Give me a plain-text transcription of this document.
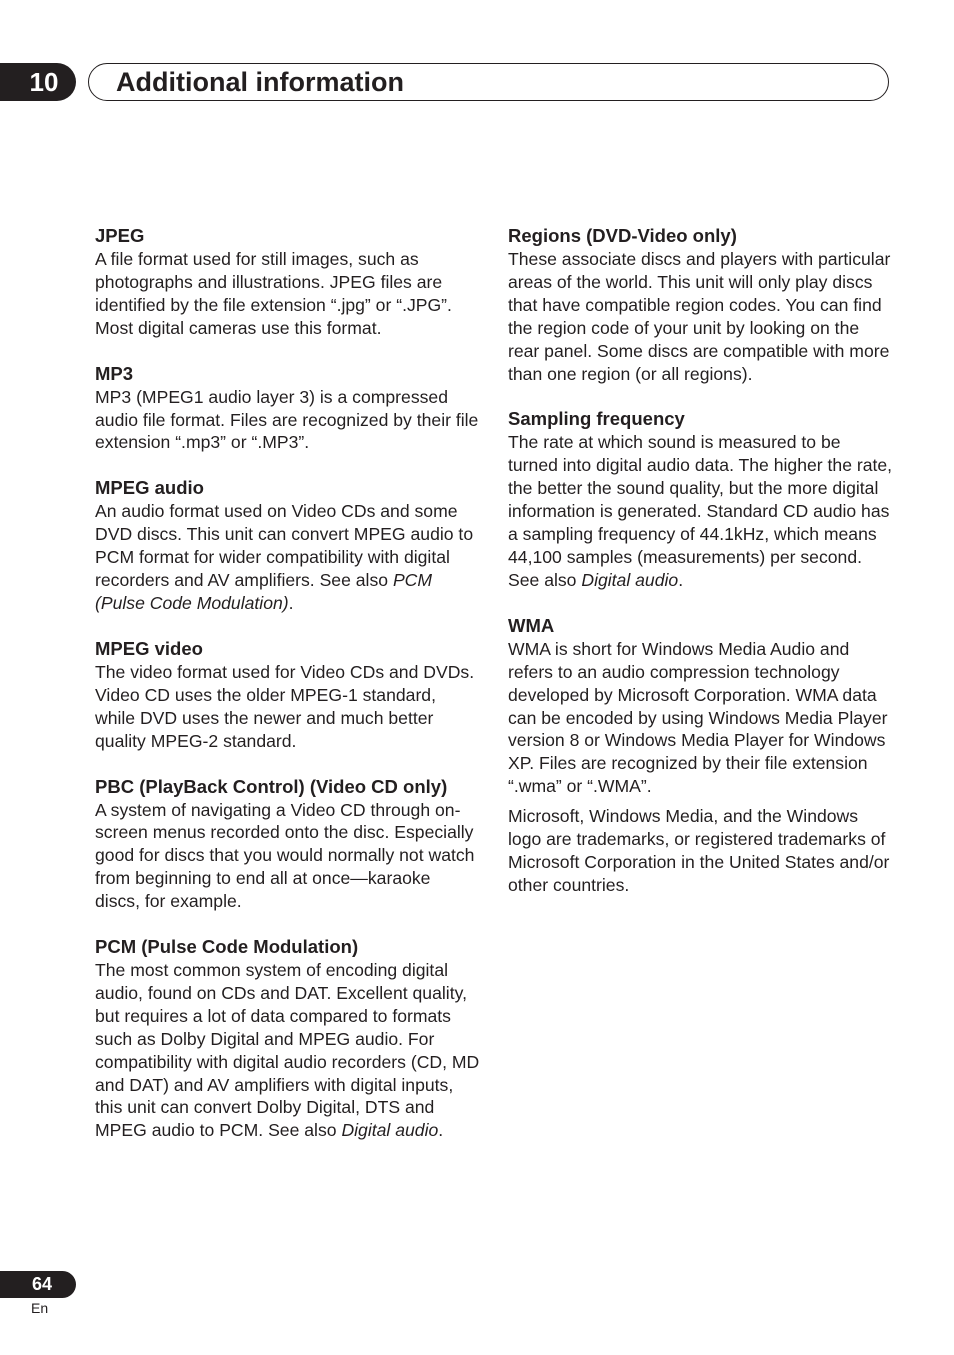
10	Additional information
JPEG

A file format used for still images, such as photographs and illustrations. JPEG files are identified by the file extension “.jpg” or “.JPG”. Most digital cameras use this format.

MP3

MP3 (MPEG1 audio layer 3) is a compressed audio file format. Files are recognized by their file extension “.mp3” or “.MP3”.

MPEG audio

An audio format used on Video CDs and some DVD discs. This unit can convert MPEG audio to PCM format for wider compatibility with digital recorders and AV amplifiers. See also PCM (Pulse Code Modulation).

MPEG video

The video format used for Video CDs and DVDs. Video CD uses the older MPEG-1 standard, while DVD uses the newer and much better quality MPEG-2 standard.

PBC (PlayBack Control) (Video CD only)

A system of navigating a Video CD through on-screen menus recorded onto the disc. Especially good for discs that you would normally not watch from beginning to end all at once—karaoke discs, for example.

PCM (Pulse Code Modulation)

The most common system of encoding digital audio, found on CDs and DAT. Excellent quality, but requires a lot of data compared to formats such as Dolby Digital and MPEG audio. For compatibility with digital audio recorders (CD, MD and DAT) and AV amplifiers with digital inputs, this unit can convert Dolby Digital, DTS and MPEG audio to PCM. See also Digital audio.

Regions (DVD-Video only)

These associate discs and players with particular areas of the world. This unit will only play discs that have compatible region codes. You can find the region code of your unit by looking on the rear panel. Some discs are compatible with more than one region (or all regions).

Sampling frequency

The rate at which sound is measured to be turned into digital audio data. The higher the rate, the better the sound quality, but the more digital information is generated. Standard CD audio has a sampling frequency of 44.1kHz, which means 44,100 samples (measurements) per second. See also Digital audio.

WMA

WMA is short for Windows Media Audio and refers to an audio compression technology developed by Microsoft Corporation. WMA data can be encoded by using Windows Media Player version 8 or Windows Media Player for Windows XP. Files are recognized by their file extension “.wma” or “.WMA”.

Microsoft, Windows Media, and the Windows logo are trademarks, or registered trademarks of Microsoft Corporation in the United States and/or other countries.

64
En
